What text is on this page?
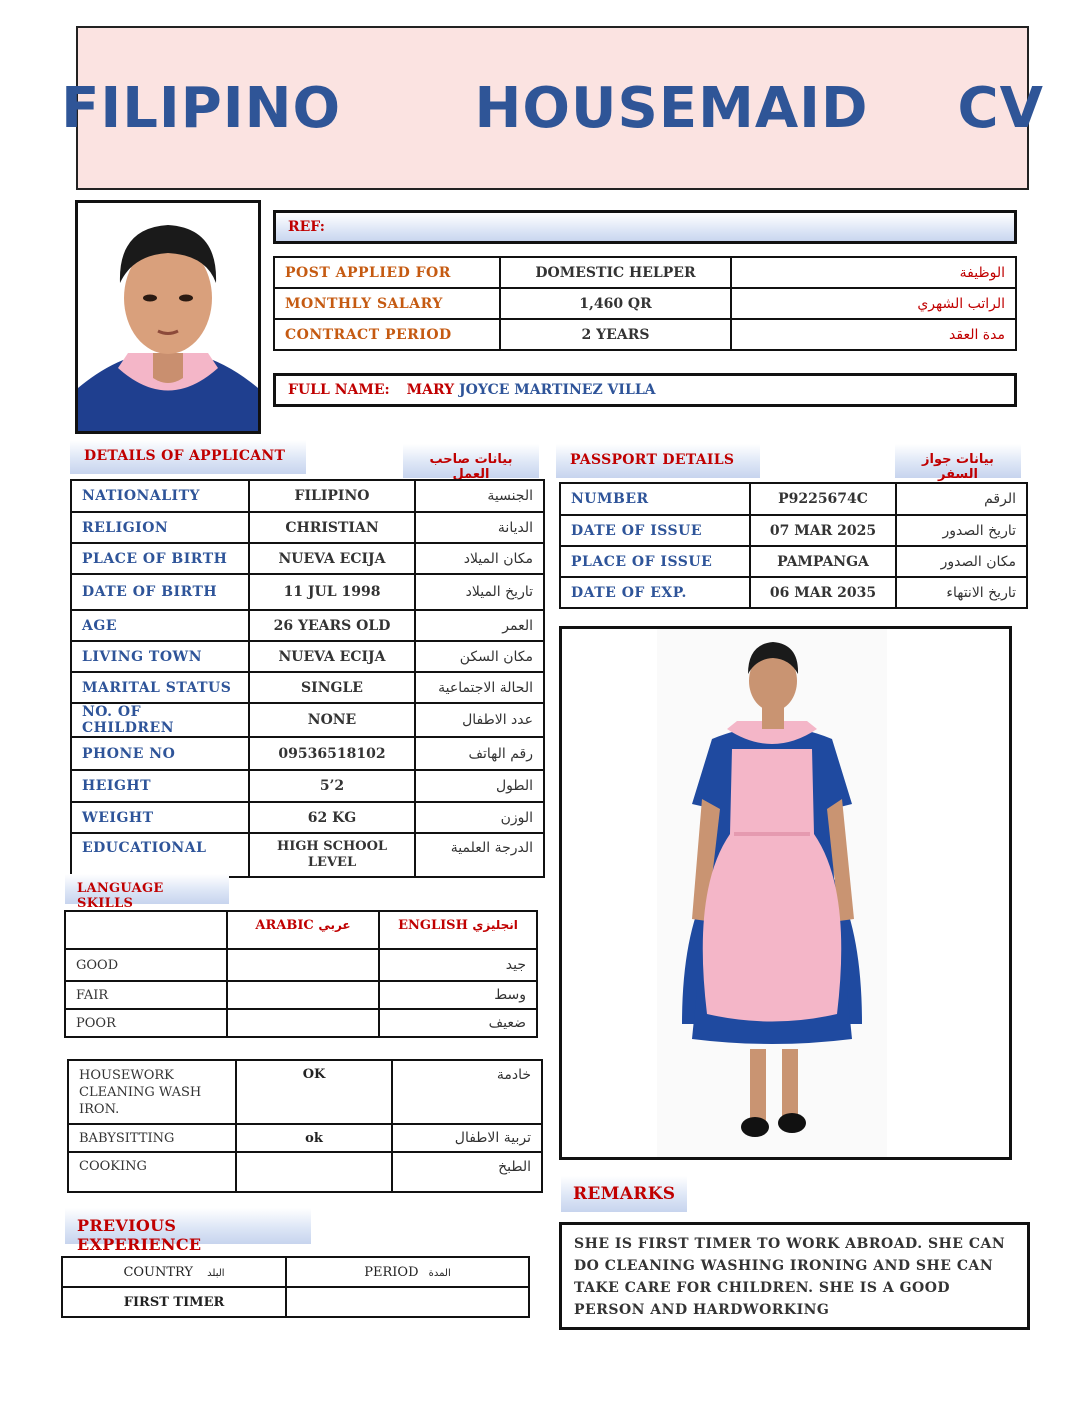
FILIPINO   HOUSEMAID  CV
REF:
POST APPLIED FOR	DOMESTIC HELPER	الوظيفة
MONTHLY SALARY	1,460 QR	الراتب الشهري
CONTRACT PERIOD	2 YEARS	مدة العقد
FULL NAME: MARY JOYCE MARTINEZ VILLA
DETAILS OF APPLICANT	بيانات صاحب العمل
NATIONALITY	FILIPINO	الجنسية
RELIGION	CHRISTIAN	الديانة
PLACE OF BIRTH	NUEVA ECIJA	مكان الميلاد
DATE OF BIRTH	11 JUL 1998	تاريخ الميلاد
AGE	26 YEARS OLD	العمر
LIVING TOWN	NUEVA ECIJA	مكان السكن
MARITAL STATUS	SINGLE	الحالة الاجتماعية
NO. OF CHILDREN	NONE	عدد الاطفال
PHONE NO	09536518102	رقم الهاتف
HEIGHT	5’2	الطول
WEIGHT	62 KG	الوزن
EDUCATIONAL	HIGH SCHOOL LEVEL	الدرجة العلمية
PASSPORT DETAILS	بيانات جواز السفر
NUMBER	P9225674C	الرقم
DATE OF ISSUE	07 MAR 2025	تاريخ الصدور
PLACE OF ISSUE	PAMPANGA	مكان الصدور
DATE OF EXP.	06 MAR 2035	تاريخ الانتهاء
LANGUAGE SKILLS
	ARABIC عربي	ENGLISH انجليزي
GOOD		جيد
FAIR		وسط
POOR		ضعيف
HOUSEWORK
CLEANING WASH
IRON.	OK	خادمة
BABYSITTING	ok	تربية الاطفال
COOKING		الطبخ
REMARKS
SHE IS FIRST TIMER TO WORK ABROAD. SHE CAN DO CLEANING WASHING IRONING AND SHE CAN TAKE CARE FOR CHILDREN. SHE IS A GOOD PERSON AND HARDWORKING
PREVIOUS EXPERIENCE
COUNTRY البلد	PERIOD المدة
FIRST TIMER	
